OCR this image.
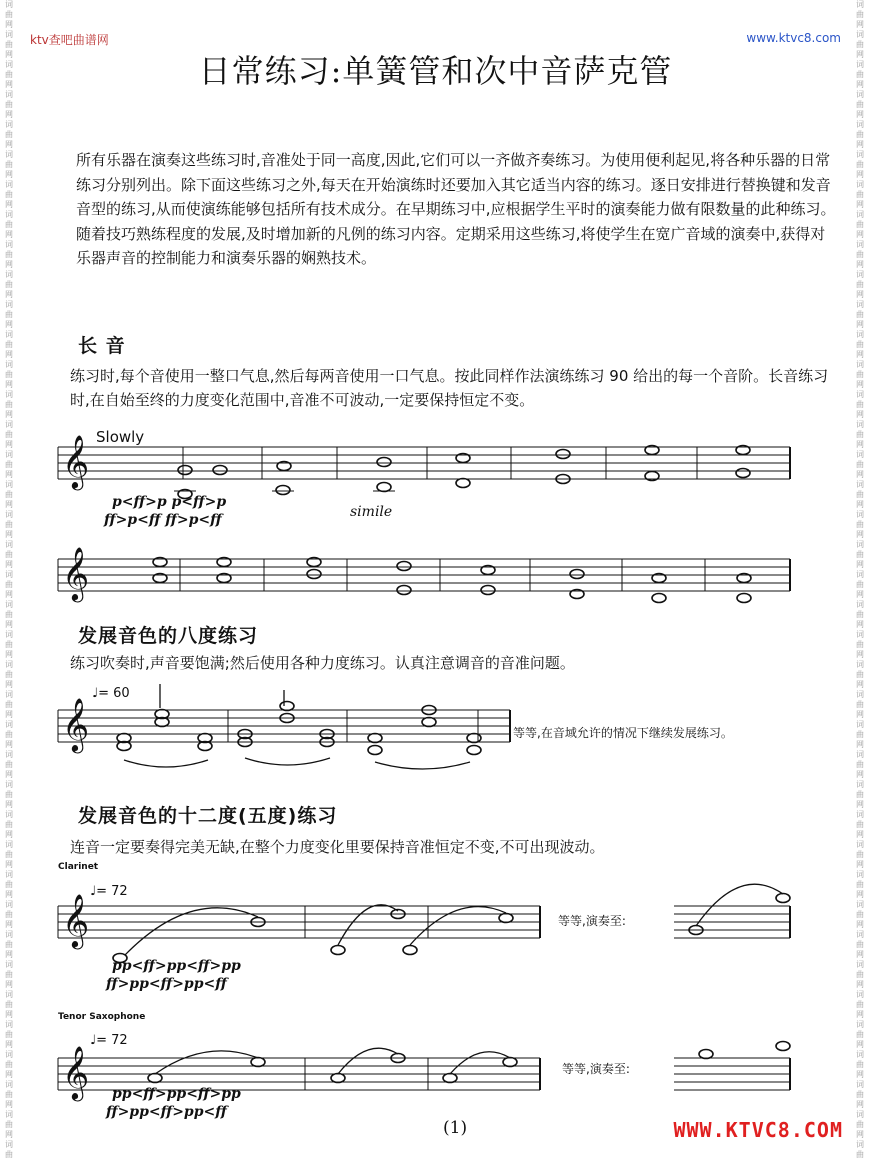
词
曲
网
词
曲
网
词
曲
网
词
曲
网
词
曲
网
词
曲
网
词
曲
网
词
曲
网
词
曲
网
词
曲
网
词
曲
网
词
曲
网
词
曲
网
词
曲
网
词
曲
网
词
曲
网
词
曲
网
词
曲
网
词
曲
网
词
曲
网
词
曲
网
词
曲
网
词
曲
网
词
曲
网
词
曲
网
词
曲
网
词
曲
网
词
曲
网
词
曲
网
词
曲
网
词
曲
网
词
曲
网
词
曲
网
词
曲
网
词
曲
网
词
曲
网
词
曲
网
词
曲
网
词
曲
词
曲
网
词
曲
网
词
曲
网
词
曲
网
词
曲
网
词
曲
网
词
曲
网
词
曲
网
词
曲
网
词
曲
网
词
曲
网
词
曲
网
词
曲
网
词
曲
网
词
曲
网
词
曲
网
词
曲
网
词
曲
网
词
曲
网
词
曲
网
词
曲
网
词
曲
网
词
曲
网
词
曲
网
词
曲
网
词
曲
网
词
曲
网
词
曲
网
词
曲
网
词
曲
网
词
曲
网
词
曲
网
词
曲
网
词
曲
网
词
曲
网
词
曲
网
词
曲
网
词
曲
网
词
曲
ktv查吧曲谱网	www.ktvc8.com
日常练习:单簧管和次中音萨克管
所有乐器在演奏这些练习时,音准处于同一高度,因此,它们可以一齐做齐奏练习。为使用便利起见,将各种乐器的日常练习分别列出。除下面这些练习之外,每天在开始演练时还要加入其它适当内容的练习。逐日安排进行替换键和发音音型的练习,从而使演练能够包括所有技术成分。在早期练习中,应根据学生平时的演奏能力做有限数量的此种练习。随着技巧熟练程度的发展,及时增加新的凡例的练习内容。定期采用这些练习,将使学生在宽广音域的演奏中,获得对乐器声音的控制能力和演奏乐器的娴熟技术。
长 音
练习时,每个音使用一整口气息,然后每两音使用一口气息。按此同样作法演练练习 90 给出的每一个音阶。长音练习时,在自始至终的力度变化范围中,音准不可波动,一定要保持恒定不变。
Slowly
𝄞
𝄞
𝄞
𝄞
𝄞
p<ff>p p<ff>p
ff>p<ff ff>p<ff	simile
发展音色的八度练习
练习吹奏时,声音要饱满;然后使用各种力度练习。认真注意调音的音准问题。
♩= 60
等等,在音域允许的情况下继续发展练习。
发展音色的十二度(五度)练习
连音一定要奏得完美无缺,在整个力度变化里要保持音准恒定不变,不可出现波动。
Clarinet
♩= 72
等等,演奏至:
pp<ff>pp<ff>pp
ff>pp<ff>pp<ff
Tenor Saxophone
♩= 72
等等,演奏至:
pp<ff>pp<ff>pp
ff>pp<ff>pp<ff
(1)	WWW.KTVC8.COM
